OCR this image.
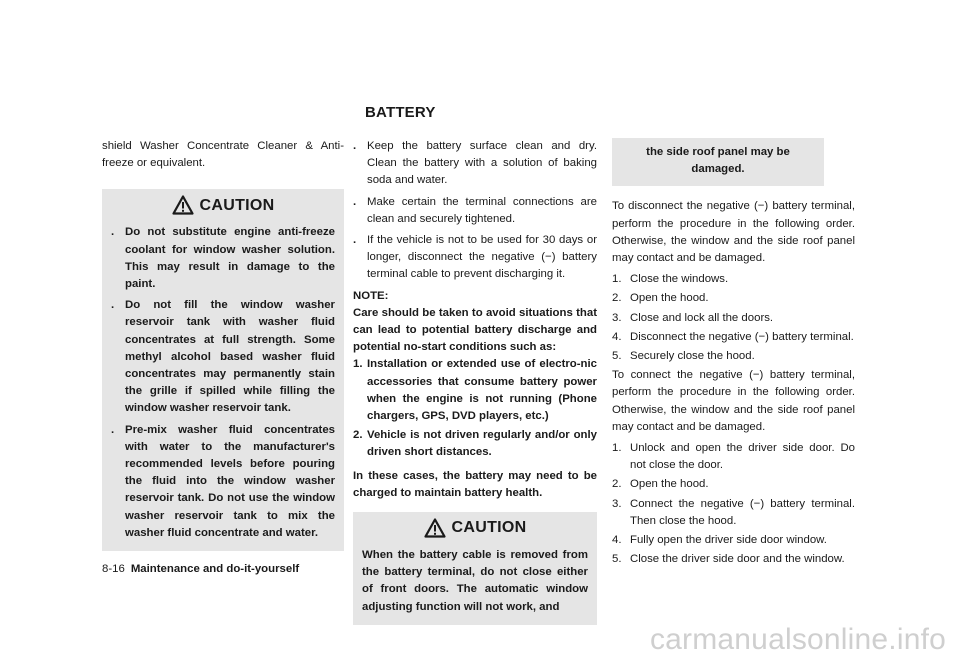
BATTERY

shield Washer Concentrate Cleaner & Anti-freeze or equivalent.

CAUTION
. Do not substitute engine anti-freeze coolant for window washer solution. This may result in damage to the paint.
. Do not fill the window washer reservoir tank with washer fluid concentrates at full strength. Some methyl alcohol based washer fluid concentrates may permanently stain the grille if spilled while filling the window washer reservoir tank.
. Pre-mix washer fluid concentrates with water to the manufacturer's recommended levels before pouring the fluid into the window washer reservoir tank. Do not use the window washer reservoir tank to mix the washer fluid concentrate and water.
. Keep the battery surface clean and dry. Clean the battery with a solution of baking soda and water.
. Make certain the terminal connections are clean and securely tightened.
. If the vehicle is not to be used for 30 days or longer, disconnect the negative (−) battery terminal cable to prevent discharging it.

NOTE:

Care should be taken to avoid situations that can lead to potential battery discharge and potential no-start conditions such as:

1. Installation or extended use of electro-nic accessories that consume battery power when the engine is not running (Phone chargers, GPS, DVD players, etc.)
2. Vehicle is not driven regularly and/or only driven short distances.

In these cases, the battery may need to be charged to maintain battery health.

CAUTION

When the battery cable is removed from the battery terminal, do not close either of front doors. The automatic window adjusting function will not work, and

the side roof panel may be damaged.

To disconnect the negative (−) battery terminal, perform the procedure in the following order. Otherwise, the window and the side roof panel may contact and be damaged.

1. Close the windows.
2. Open the hood.
3. Close and lock all the doors.
4. Disconnect the negative (−) battery terminal.
5. Securely close the hood.

To connect the negative (−) battery terminal, perform the procedure in the following order. Otherwise, the window and the side roof panel may contact and be damaged.

1. Unlock and open the driver side door. Do not close the door.
2. Open the hood.
3. Connect the negative (−) battery terminal. Then close the hood.
4. Fully open the driver side door window.
5. Close the driver side door and the window.
8-16 Maintenance and do-it-yourself
carmanualsonline.info
